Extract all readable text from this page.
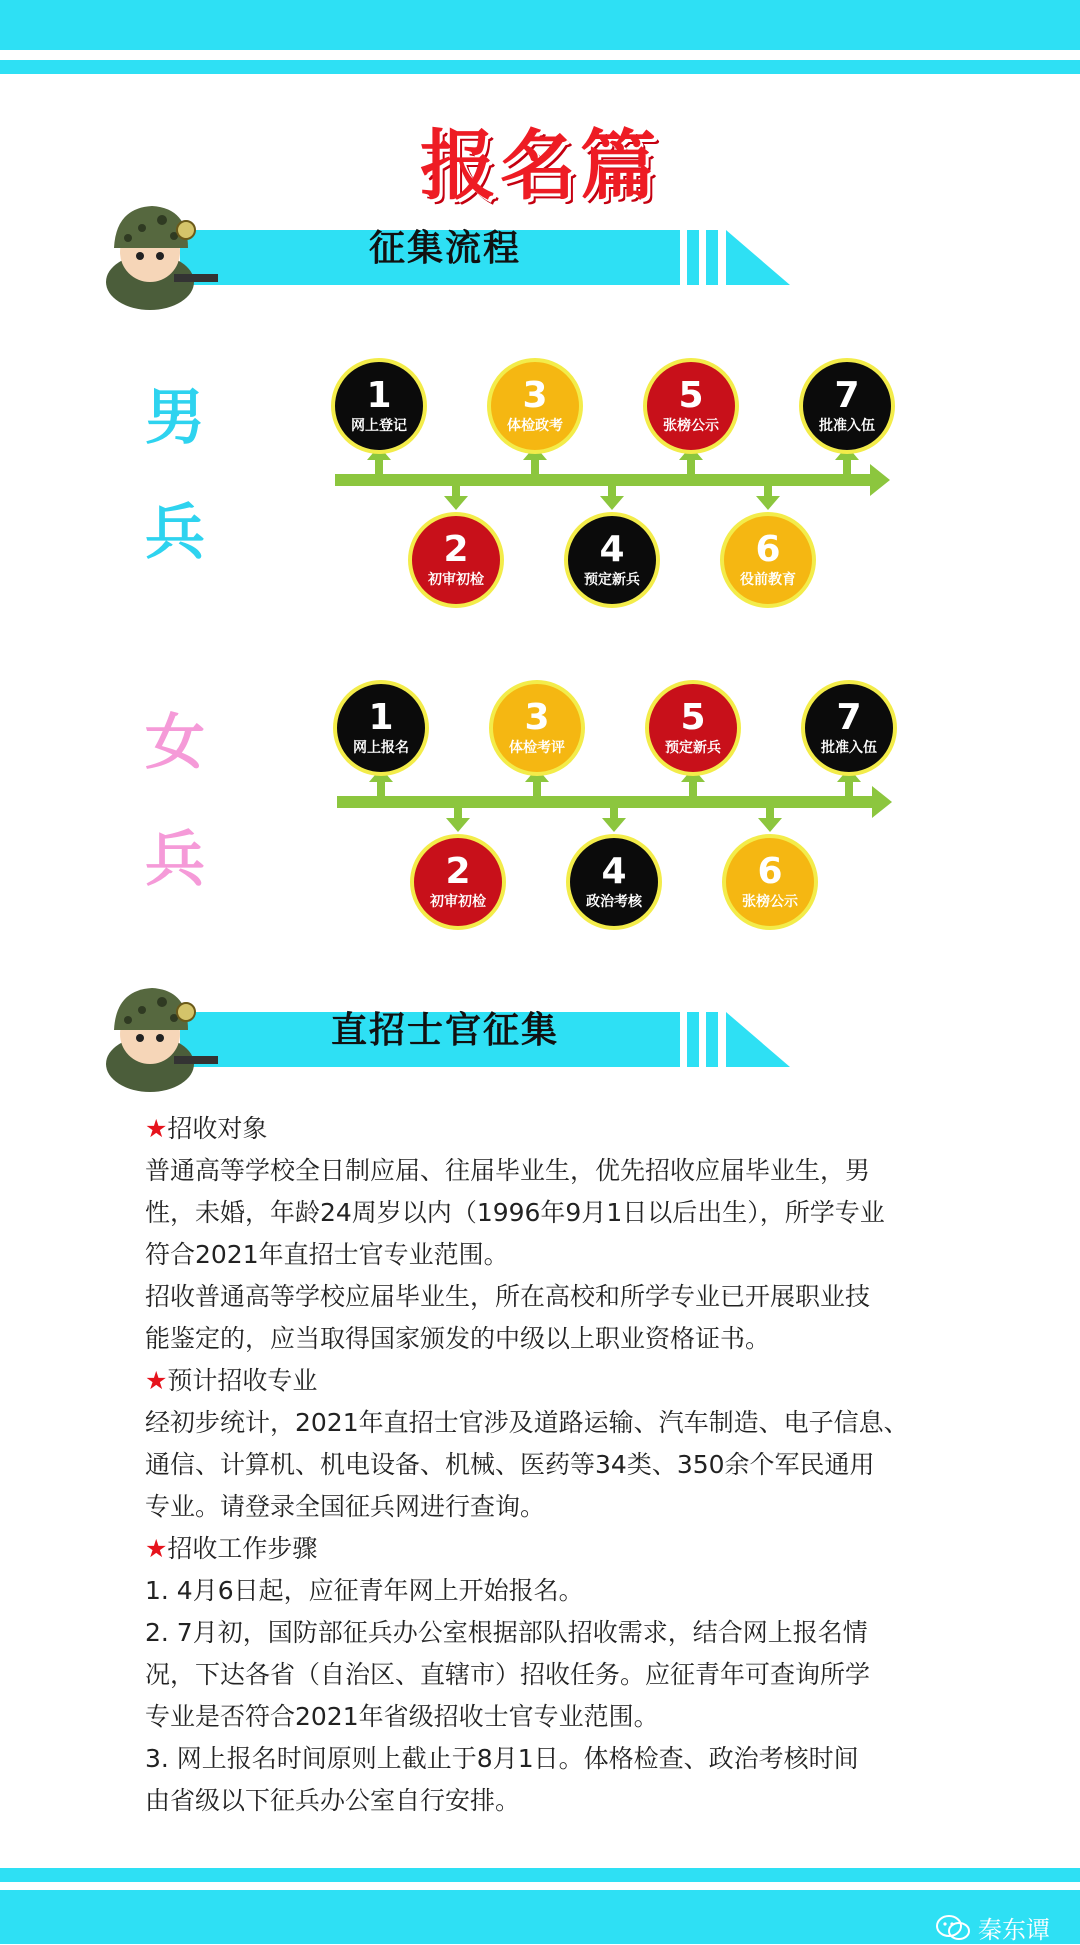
报名篇
征集流程
男
兵
1
网上登记
3
体检政考
5
张榜公示
7
批准入伍
2
初审初检
4
预定新兵
6
役前教育
女
兵
1
网上报名
3
体检考评
5
预定新兵
7
批准入伍
2
初审初检
4
政治考核
6
张榜公示
直招士官征集

★招收对象

普通高等学校全日制应届、往届毕业生，优先招收应届毕业生，男

性，未婚，年龄24周岁以内（1996年9月1日以后出生），所学专业

符合2021年直招士官专业范围。

招收普通高等学校应届毕业生，所在高校和所学专业已开展职业技

能鉴定的，应当取得国家颁发的中级以上职业资格证书。

★预计招收专业

经初步统计，2021年直招士官涉及道路运输、汽车制造、电子信息、

通信、计算机、机电设备、机械、医药等34类、350余个军民通用

专业。请登录全国征兵网进行查询。

★招收工作步骤

1. 4月6日起，应征青年网上开始报名。

2. 7月初，国防部征兵办公室根据部队招收需求，结合网上报名情

况，下达各省（自治区、直辖市）招收任务。应征青年可查询所学

专业是否符合2021年省级招收士官专业范围。

3. 网上报名时间原则上截止于8月1日。体格检查、政治考核时间

由省级以下征兵办公室自行安排。

秦东谭
